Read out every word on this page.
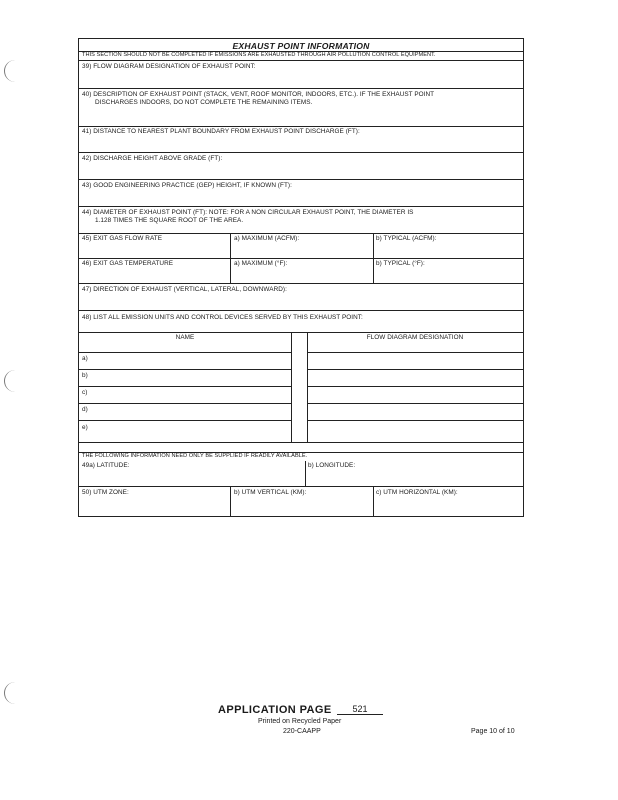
EXHAUST POINT INFORMATION
THIS SECTION SHOULD NOT BE COMPLETED IF EMISSIONS ARE EXHAUSTED THROUGH AIR POLLUTION CONTROL EQUIPMENT.
39) FLOW DIAGRAM DESIGNATION OF EXHAUST POINT:
40) DESCRIPTION OF EXHAUST POINT (STACK, VENT, ROOF MONITOR, INDOORS, ETC.). IF THE EXHAUST POINT
DISCHARGES INDOORS, DO NOT COMPLETE THE REMAINING ITEMS.
41) DISTANCE TO NEAREST PLANT BOUNDARY FROM EXHAUST POINT DISCHARGE (FT):
42) DISCHARGE HEIGHT ABOVE GRADE (FT):
43) GOOD ENGINEERING PRACTICE (GEP) HEIGHT, IF KNOWN (FT):
44) DIAMETER OF EXHAUST POINT (FT): NOTE: FOR A NON CIRCULAR EXHAUST POINT, THE DIAMETER IS
1.128 TIMES THE SQUARE ROOT OF THE AREA.
45) EXIT GAS FLOW RATE	a) MAXIMUM (ACFM):	b) TYPICAL (ACFM):
46) EXIT GAS TEMPERATURE	a) MAXIMUM (°F):	b) TYPICAL (°F):
47) DIRECTION OF EXHAUST (VERTICAL, LATERAL, DOWNWARD):
48) LIST ALL EMISSION UNITS AND CONTROL DEVICES SERVED BY THIS EXHAUST POINT:
NAME	FLOW DIAGRAM DESIGNATION
a)
b)
c)
d)
e)
THE FOLLOWING INFORMATION NEED ONLY BE SUPPLIED IF READILY AVAILABLE.
49a) LATITUDE:	b) LONGITUDE:
50) UTM ZONE:	b) UTM VERTICAL (KM):	c) UTM HORIZONTAL (KM):
APPLICATION PAGE	521
Printed on Recycled Paper
220-CAAPP	Page 10 of 10
